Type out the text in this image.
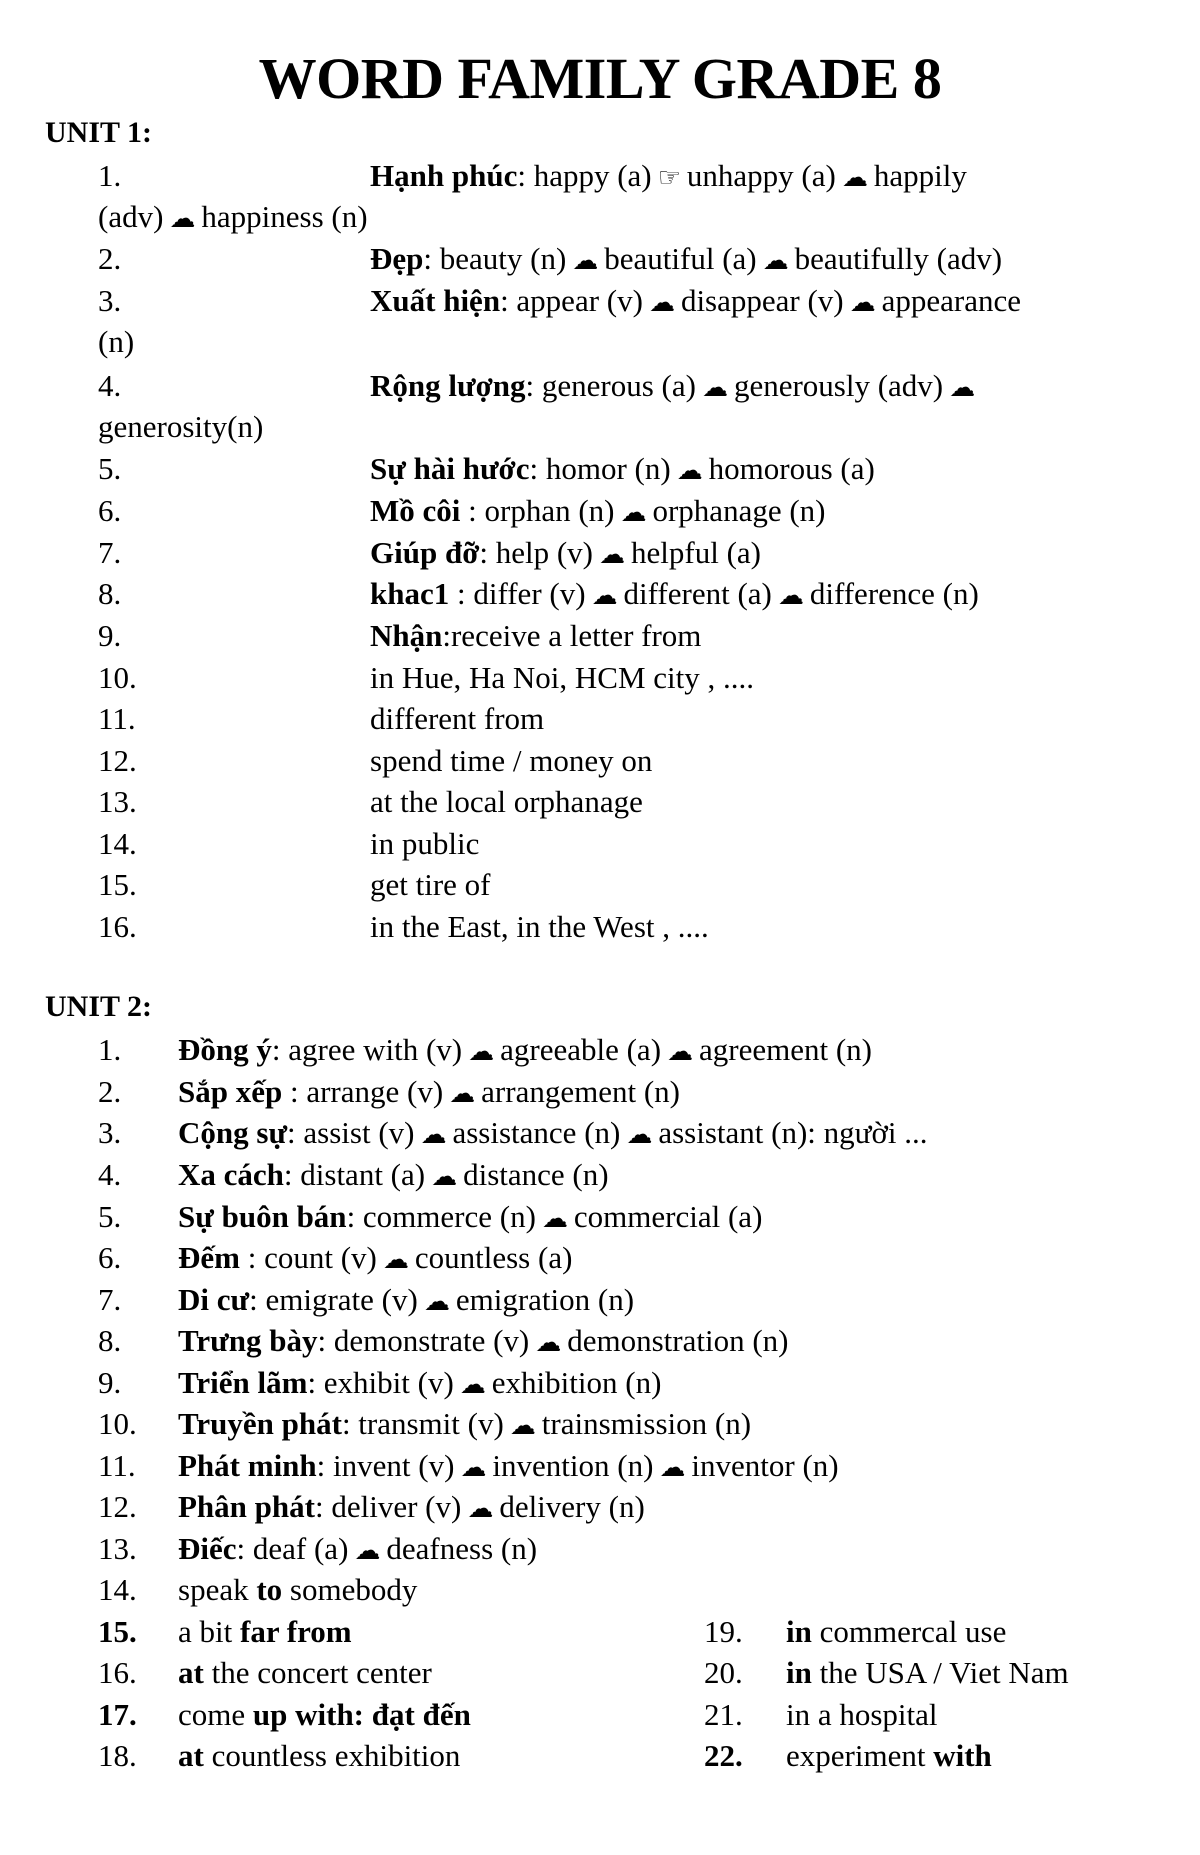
WORD FAMILY GRADE 8
UNIT 1:
1.	Hạnh phúc: happy (a) ☞ unhappy (a) ☁ happily
(adv) ☁ happiness (n)
2.	Đẹp: beauty (n) ☁ beautiful (a) ☁ beautifully (adv)
3.	Xuất hiện: appear (v) ☁ disappear (v) ☁ appearance
(n)
4.	Rộng lượng: generous (a) ☁ generously (adv) ☁
generosity(n)
5.	Sự hài hước: homor (n) ☁ homorous (a)
6.	Mồ côi : orphan (n) ☁ orphanage (n)
7.	Giúp đỡ: help (v) ☁ helpful (a)
8.	khac1 : differ (v) ☁ different (a) ☁ difference (n)
9.	Nhận:receive a letter from
10.	in Hue, Ha Noi, HCM city , ....
11.	different from
12.	spend time / money on
13.	at the local orphanage
14.	in public
15.	get tire of
16.	in the East, in the West , ....
UNIT 2:
1. Đồng ý: agree with (v) ☁ agreeable (a) ☁ agreement (n)
2. Sắp xếp : arrange (v) ☁ arrangement (n)
3. Cộng sự: assist (v) ☁ assistance (n) ☁ assistant (n): người ...
4. Xa cách: distant (a) ☁ distance (n)
5. Sự buôn bán: commerce (n) ☁ commercial (a)
6. Đếm : count (v) ☁ countless (a)
7. Di cư: emigrate (v) ☁ emigration (n)
8. Trưng bày: demonstrate (v) ☁ demonstration (n)
9. Triển lãm: exhibit (v) ☁ exhibition (n)
10. Truyền phát: transmit (v) ☁ trainsmission (n)
11. Phát minh: invent (v) ☁ invention (n) ☁ inventor (n)
12. Phân phát: deliver (v) ☁ delivery (n)
13. Điếc: deaf (a) ☁ deafness (n)
14. speak to somebody
15. a bit far from
16. at the concert center
17. come up with: đạt đến
18. at countless exhibition
19. in commercal use
20. in the USA / Viet Nam
21. in a hospital
22. experiment with
